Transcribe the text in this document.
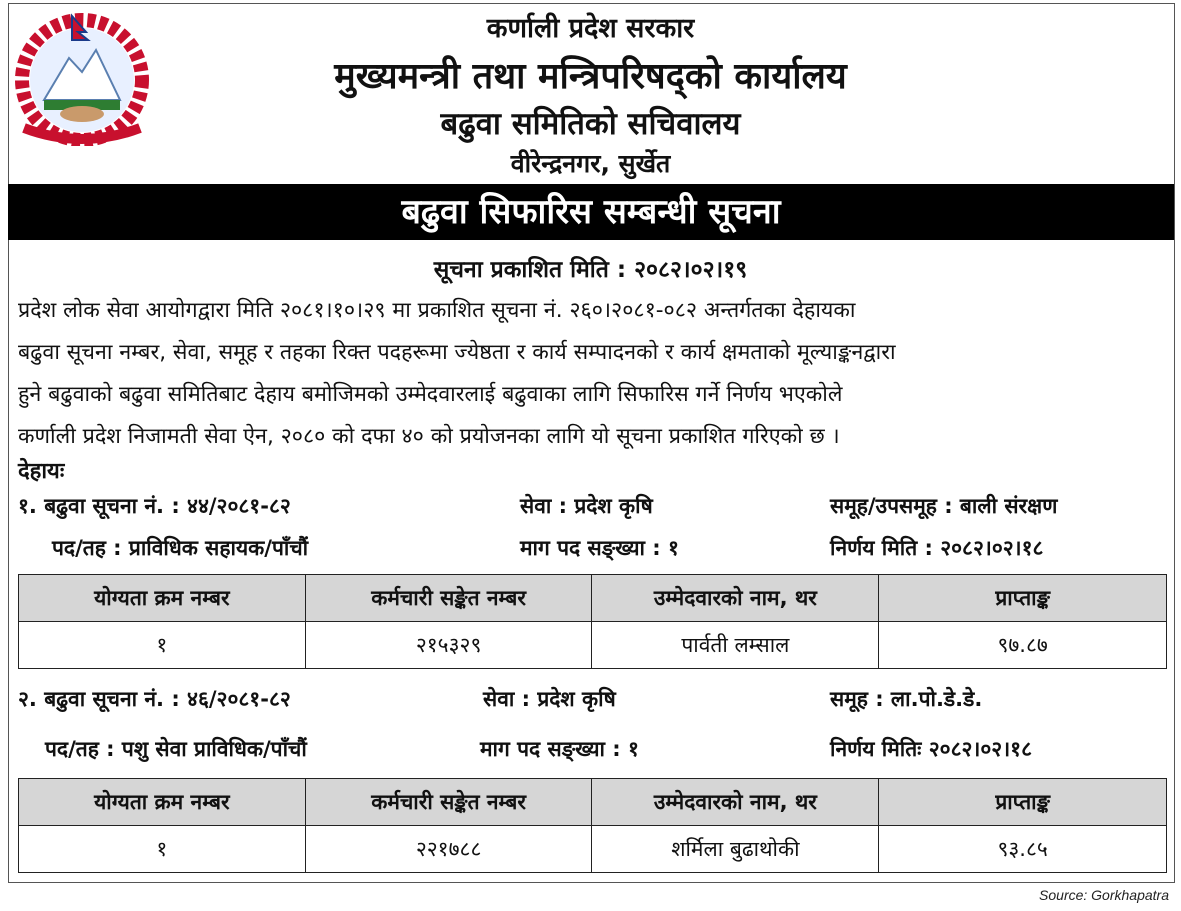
कर्णाली प्रदेश सरकार
मुख्यमन्त्री तथा मन्त्रिपरिषद्को कार्यालय
बढुवा समितिको सचिवालय
वीरेन्द्रनगर, सुर्खेत
बढुवा सिफारिस सम्बन्धी सूचना
सूचना प्रकाशित मिति : २०८२।०२।१९
प्रदेश लोक सेवा आयोगद्वारा मिति २०८१।१०।२९ मा प्रकाशित सूचना नं. २६०।२०८१-०८२ अन्तर्गतका देहायका
बढुवा सूचना नम्बर, सेवा, समूह र तहका रिक्त पदहरूमा ज्येष्ठता र कार्य सम्पादनको र कार्य क्षमताको मूल्याङ्कनद्वारा
हुने बढुवाको बढुवा समितिबाट देहाय बमोजिमको उम्मेदवारलाई बढुवाका लागि सिफारिस गर्ने निर्णय भएकोले
कर्णाली प्रदेश निजामती सेवा ऐन, २०८० को दफा ४० को प्रयोजनका लागि यो सूचना प्रकाशित गरिएको छ ।
देहायः
१. बढुवा सूचना नं. : ४४/२०८१-८२	सेवा : प्रदेश कृषि	समूह/उपसमूह : बाली संरक्षण
पद/तह : प्राविधिक सहायक/पाँचौं	माग पद सङ्ख्या : १	निर्णय मिति : २०८२।०२।१८
योग्यता क्रम नम्बर	कर्मचारी सङ्केत नम्बर	उम्मेदवारको नाम, थर	प्राप्ताङ्क
१	२१५३२९	पार्वती लम्साल	९७.८७
२. बढुवा सूचना नं. : ४६/२०८१-८२	सेवा : प्रदेश कृषि	समूह : ला.पो.डे.डे.
पद/तह : पशु सेवा प्राविधिक/पाँचौं	माग पद सङ्ख्या : १	निर्णय मितिः २०८२।०२।१८
योग्यता क्रम नम्बर	कर्मचारी सङ्केत नम्बर	उम्मेदवारको नाम, थर	प्राप्ताङ्क
१	२२१७८८	शर्मिला बुढाथोकी	९३.८५
Source: Gorkhapatra
